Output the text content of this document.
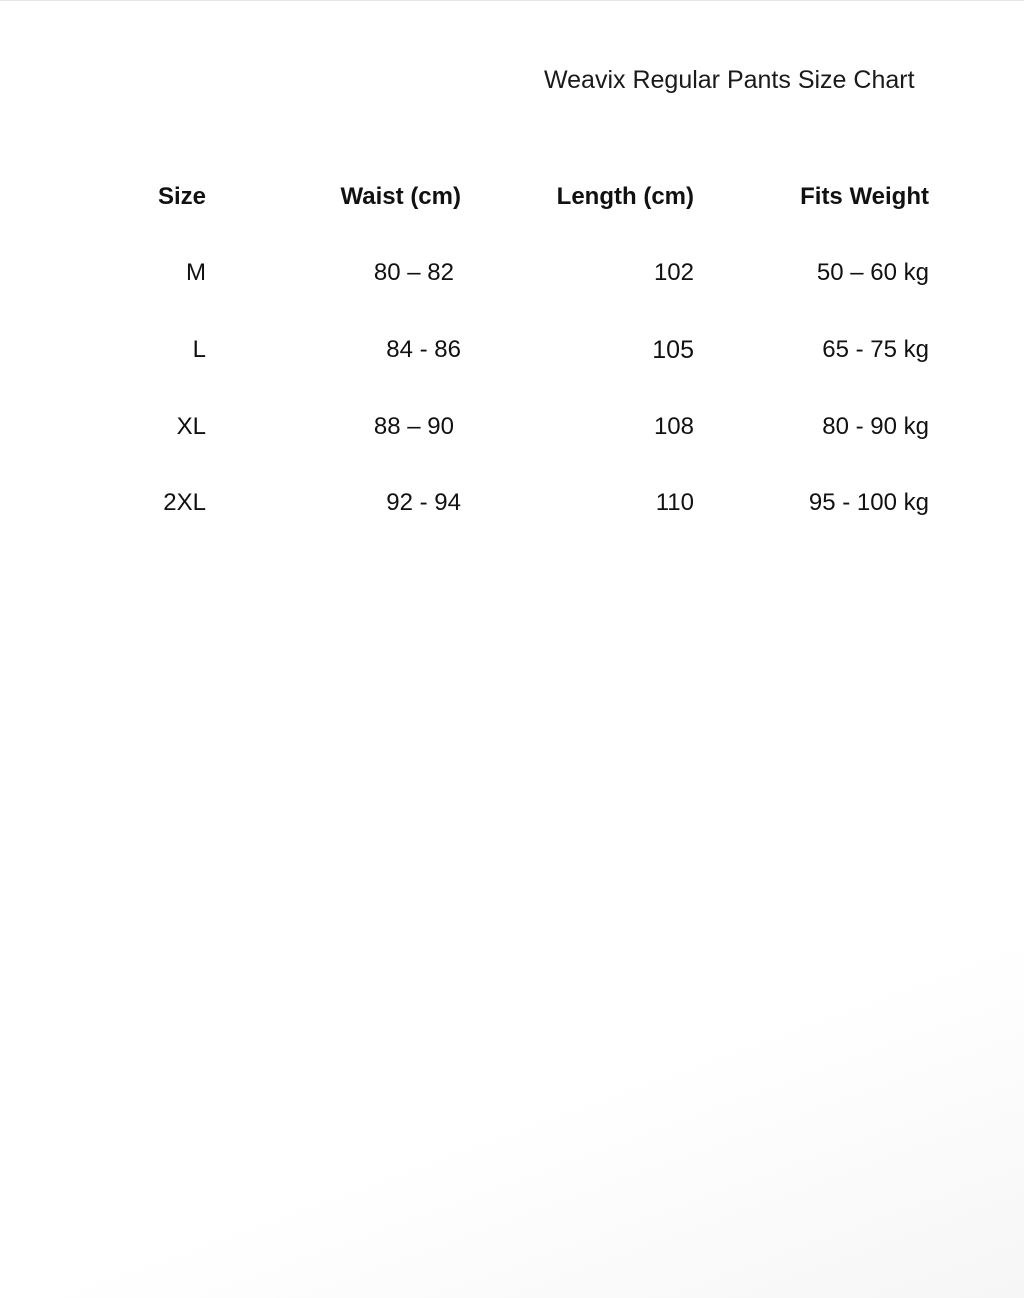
Weavix Regular Pants Size Chart
Size	Waist (cm)	Length (cm)	Fits Weight
M	80 – 82	102	50 – 60 kg
L	84 - 86	105	65 - 75 kg
XL	88 – 90	108	80 - 90 kg
2XL	92 - 94	110	95 - 100 kg
